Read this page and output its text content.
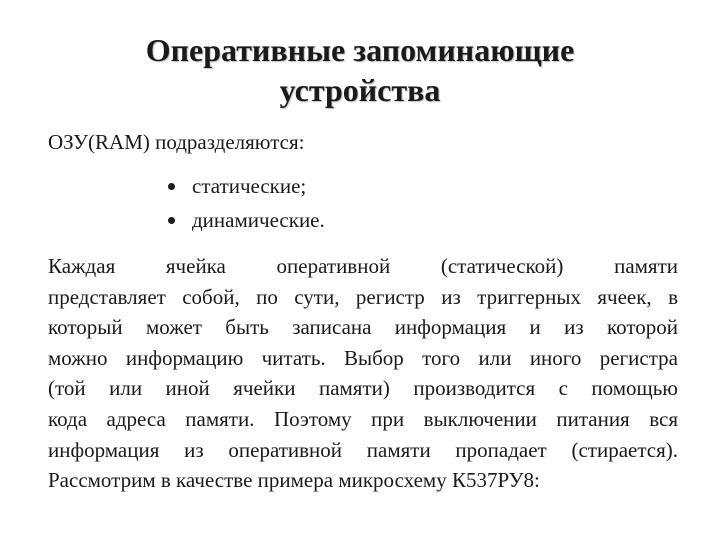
Оперативные запоминающие
устройства
ОЗУ(RAM) подразделяются:
статические;
динамические.
Каждая ячейка оперативной (статической) памяти
представляет собой, по сути, регистр из триггерных ячеек, в
который может быть записана информация и из которой
можно информацию читать. Выбор того или иного регистра
(той или иной ячейки памяти) производится с помощью
кода адреса памяти. Поэтому при выключении питания вся
информация из оперативной памяти пропадает (стирается).
Рассмотрим в качестве примера микросхему К537РУ8:
